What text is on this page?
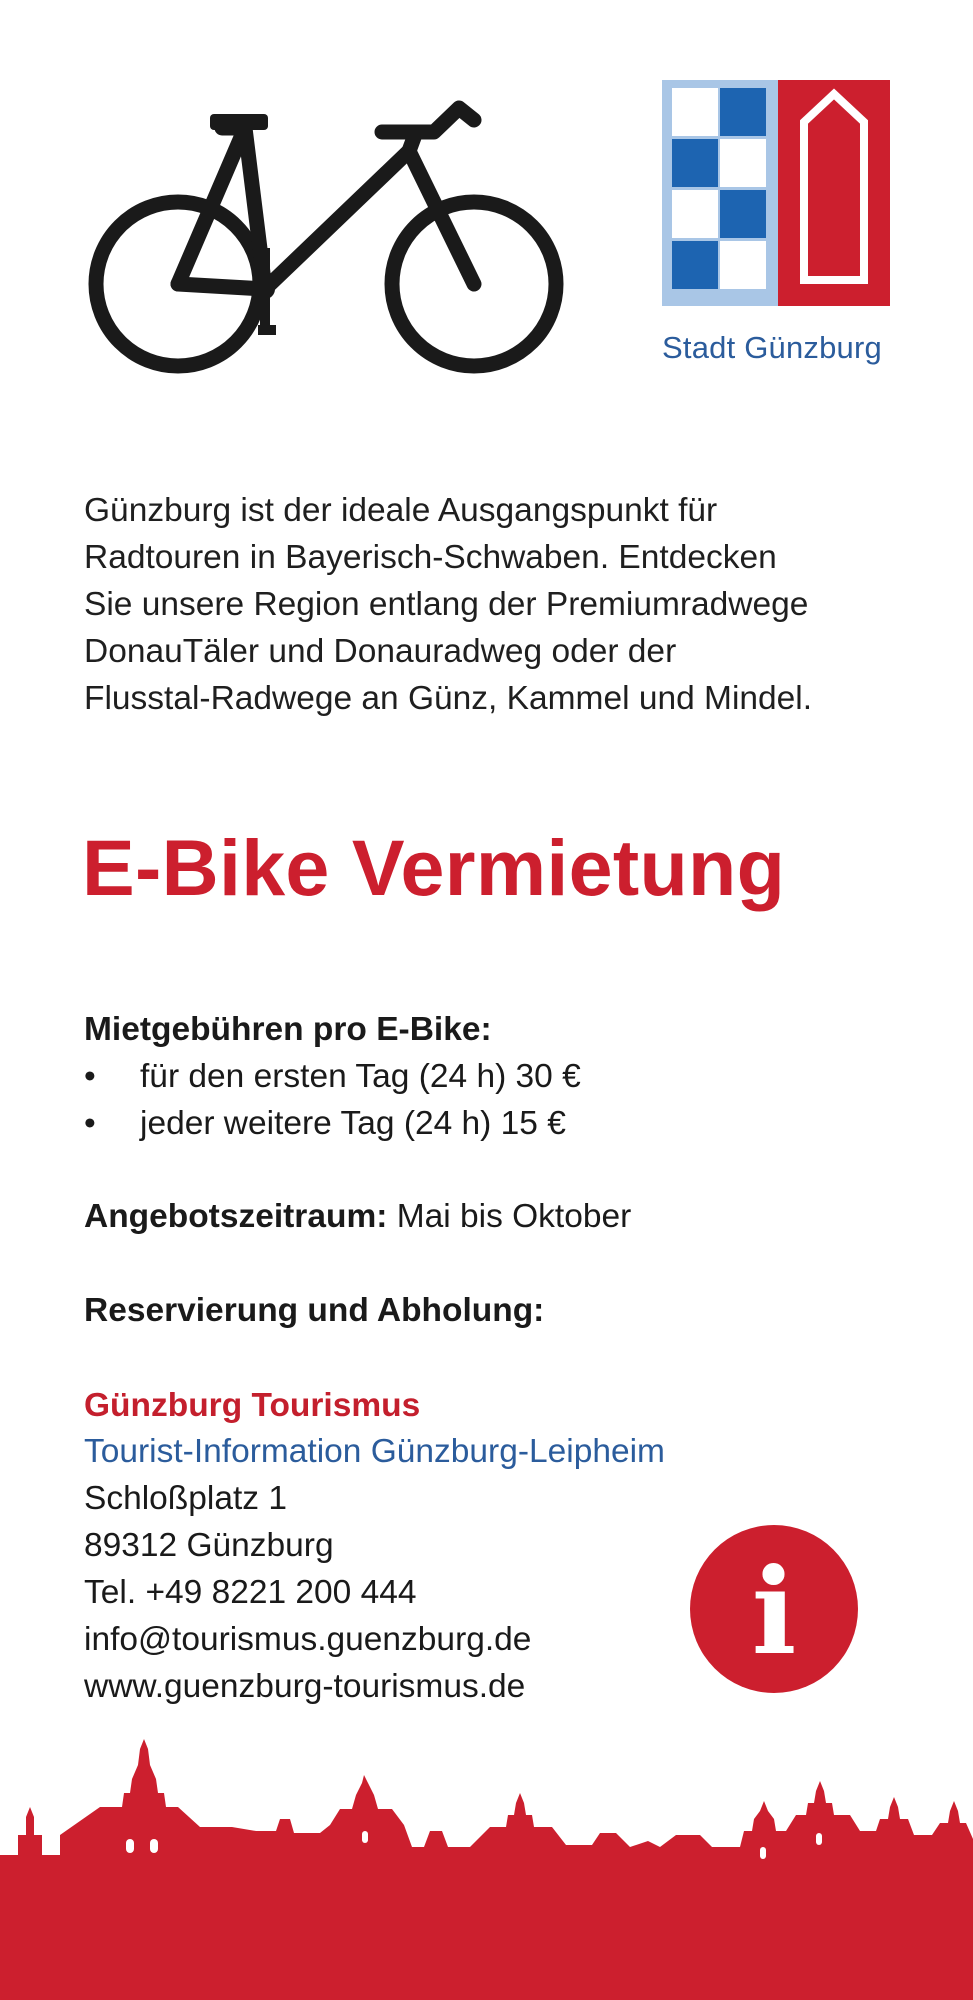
Stadt Günzburg
Günzburg ist der ideale Ausgangspunkt für
Radtouren in Bayerisch-Schwaben. Entdecken
Sie unsere Region entlang der Premiumradwege
DonauTäler und Donauradweg oder der
Flusstal-Radwege an Günz, Kammel und Mindel.
E-Bike Vermietung
Mietgebühren pro E-Bike:
• für den ersten Tag (24 h) 30 €
• jeder weitere Tag (24 h) 15 €
Angebotszeitraum: Mai bis Oktober
Reservierung und Abholung:
Günzburg Tourismus
Tourist-Information Günzburg-Leipheim
Schloßplatz 1
89312 Günzburg
Tel. +49 8221 200 444
info@tourismus.guenzburg.de
www.guenzburg-tourismus.de
i
